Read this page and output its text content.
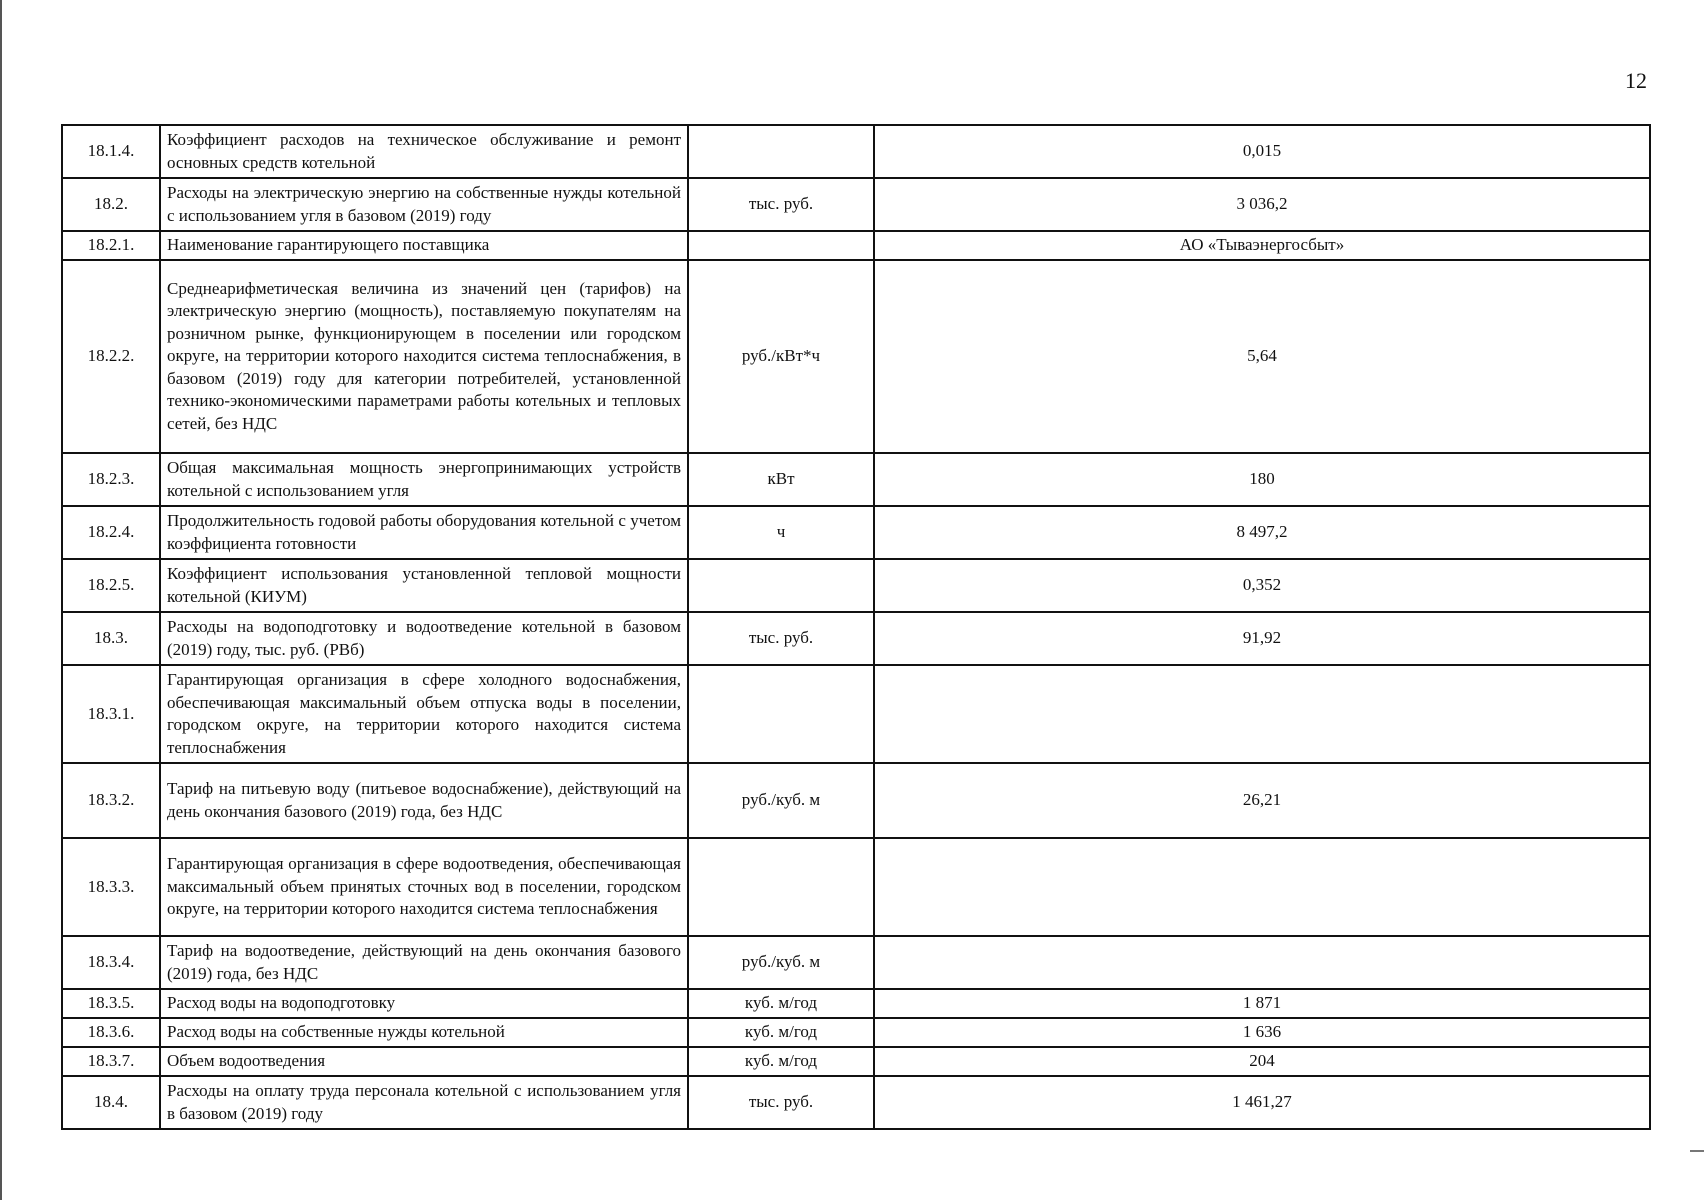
12
18.1.4.	Коэффициент расходов на техническое обслуживание и ремонт основных средств котельной		0,015
18.2.	Расходы на электрическую энергию на собственные нужды котельной с использованием угля в базовом (2019) году	тыс. руб.	3 036,2
18.2.1.	Наименование гарантирующего поставщика		АО «Тываэнергосбыт»
18.2.2.	Среднеарифметическая величина из значений цен (тарифов) на электрическую энергию (мощность), поставляемую покупателям на розничном рынке, функционирующем в поселении или городском округе, на территории которого находится система теплоснабжения, в базовом (2019) году для категории потребителей, установленной технико-экономическими параметрами работы котельных и тепловых сетей, без НДС	руб./кВт*ч	5,64
18.2.3.	Общая максимальная мощность энергопринимающих устройств котельной с использованием угля	кВт	180
18.2.4.	Продолжительность годовой работы оборудования котельной с учетом коэффициента готовности	ч	8 497,2
18.2.5.	Коэффициент использования установленной тепловой мощности котельной (КИУМ)		0,352
18.3.	Расходы на водоподготовку и водоотведение котельной в базовом (2019) году, тыс. руб. (РВб)	тыс. руб.	91,92
18.3.1.	Гарантирующая организация в сфере холодного водоснабжения, обеспечивающая максимальный объем отпуска воды в поселении, городском округе, на территории которого находится система теплоснабжения		
18.3.2.	Тариф на питьевую воду (питьевое водоснабжение), действующий на день окончания базового (2019) года, без НДС	руб./куб. м	26,21
18.3.3.	Гарантирующая организация в сфере водоотведения, обеспечивающая максимальный объем принятых сточных вод в поселении, городском округе, на территории которого находится система теплоснабжения		
18.3.4.	Тариф на водоотведение, действующий на день окончания базового (2019) года, без НДС	руб./куб. м	
18.3.5.	Расход воды на водоподготовку	куб. м/год	1 871
18.3.6.	Расход воды на собственные нужды котельной	куб. м/год	1 636
18.3.7.	Объем водоотведения	куб. м/год	204
18.4.	Расходы на оплату труда персонала котельной с использованием угля в базовом (2019) году	тыс. руб.	1 461,27
